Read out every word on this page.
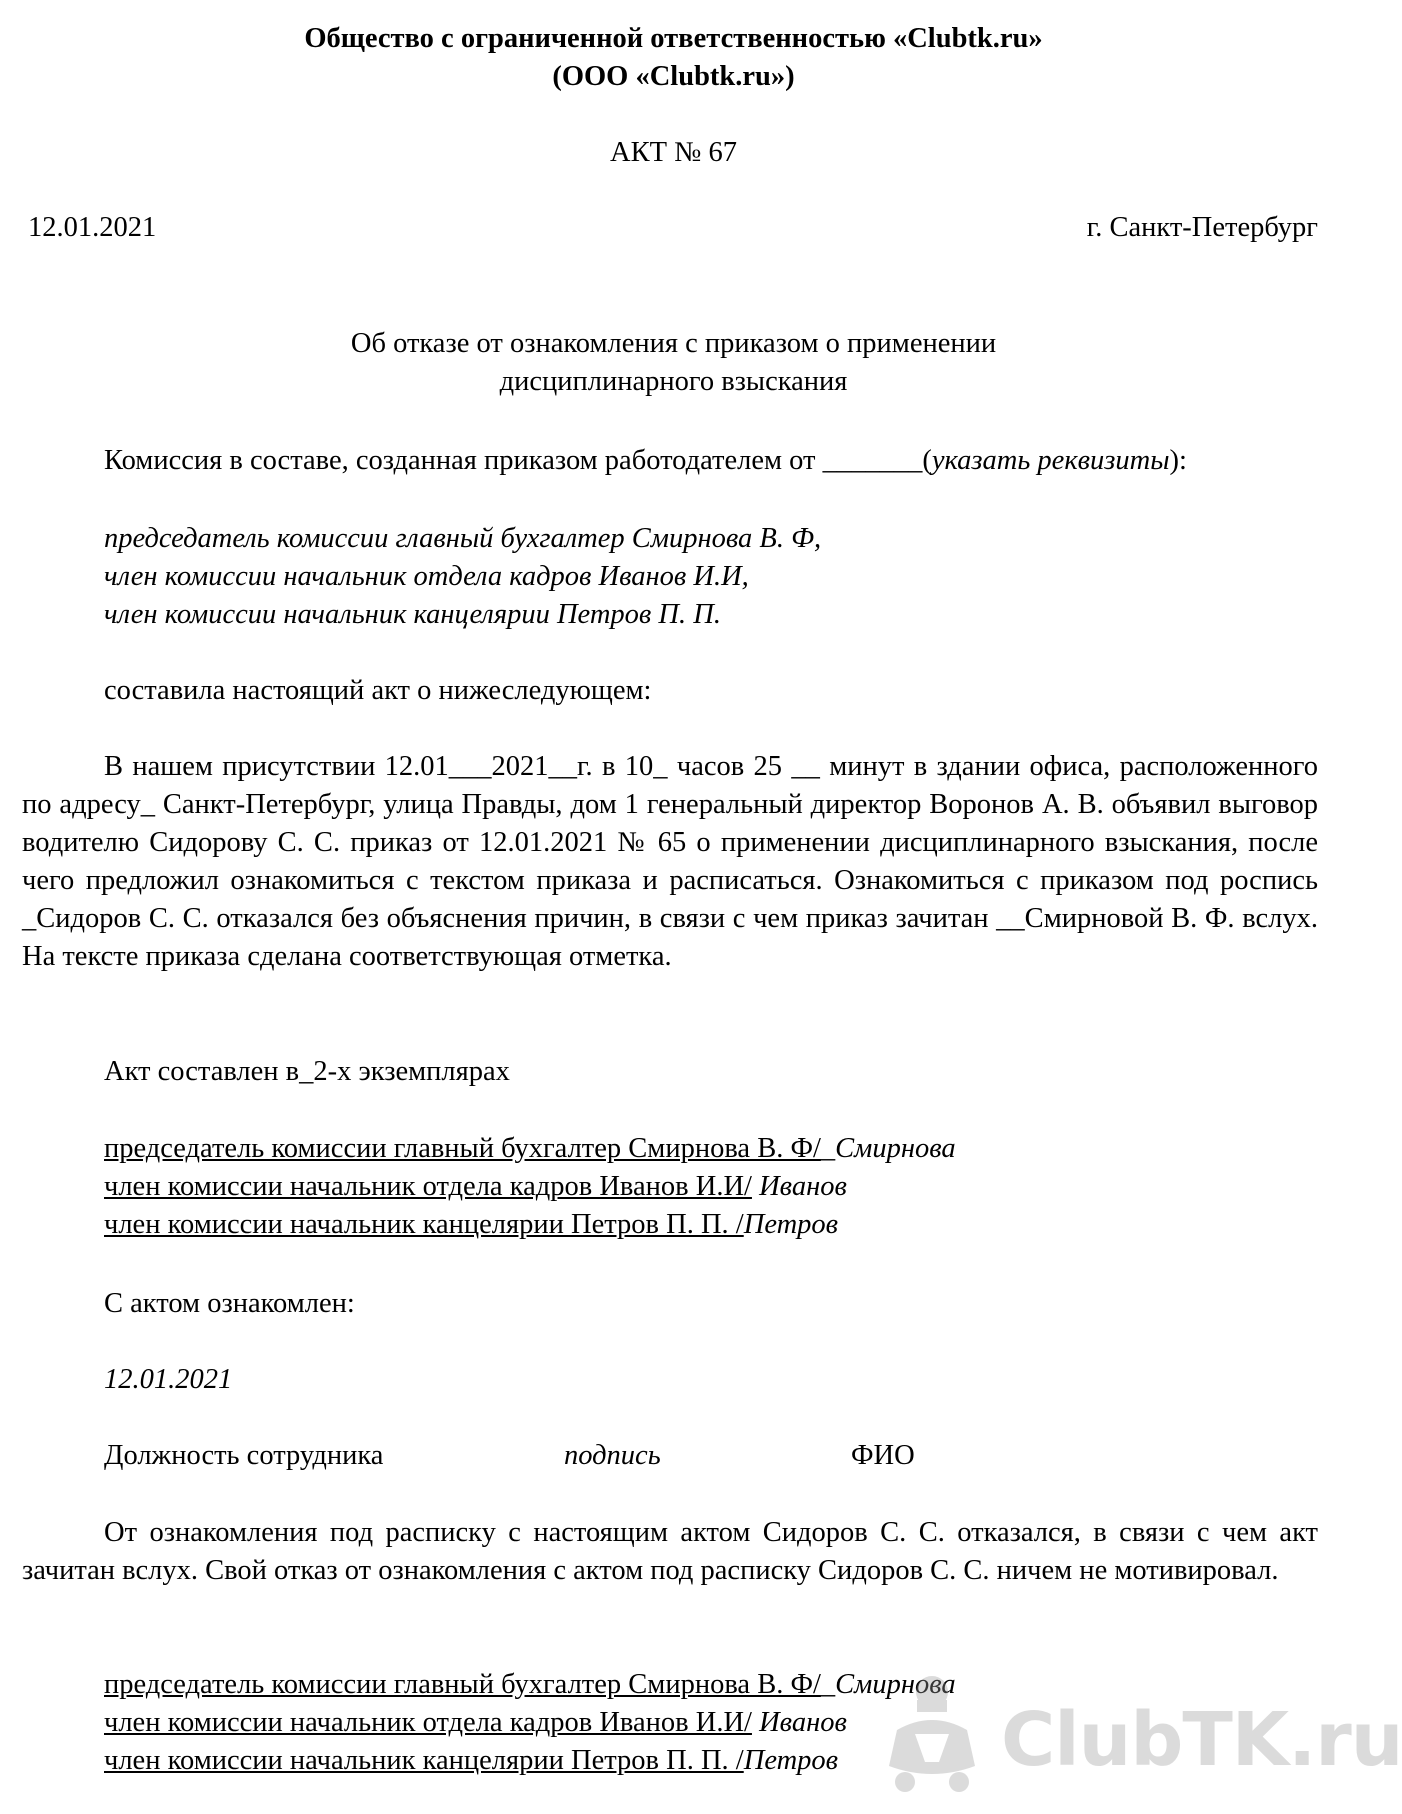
Общество с ограниченной ответственностью «Clubtk.ru»
(ООО «Clubtk.ru»)
АКТ № 67
12.01.2021	г. Санкт-Петербург
Об отказе от ознакомления с приказом о применении
дисциплинарного взыскания

Комиссия в составе, созданная приказом работодателем от _______(указать реквизиты):

председатель комиссии главный бухгалтер Смирнова В. Ф,
член комиссии начальник отдела кадров Иванов И.И,
член комиссии начальник канцелярии Петров П. П.
составила настоящий акт о нижеследующем:

В нашем присутствии 12.01___2021__г. в 10_ часов 25 __ минут в здании офиса, расположенного по адресу_ Санкт-Петербург, улица Правды, дом 1 генеральный директор Воронов А. В. объявил выговор водителю Сидорову С. С. приказ от 12.01.2021 № 65 о применении дисциплинарного взыскания, после чего предложил ознакомиться с текстом приказа и расписаться. Ознакомиться с приказом под роспись _Сидоров С. С. отказался без объяснения причин, в связи с чем приказ зачитан __Смирновой В. Ф. вслух. На тексте приказа сделана соответствующая отметка.

Акт составлен в_2-х экземплярах
председатель комиссии главный бухгалтер Смирнова В. Ф/_Смирнова
член комиссии начальник отдела кадров Иванов И.И/ Иванов
член комиссии начальник канцелярии Петров П. П. /Петров
С актом ознакомлен:
12.01.2021
Должность сотрудника	подпись	ФИО

От ознакомления под расписку с настоящим актом Сидоров С. С. отказался, в связи с чем акт зачитан вслух. Свой отказ от ознакомления с актом под расписку Сидоров С. С. ничем не мотивировал.

председатель комиссии главный бухгалтер Смирнова В. Ф/_Смирнова
член комиссии начальник отдела кадров Иванов И.И/ Иванов
член комиссии начальник канцелярии Петров П. П. /Петров	ClubTK.ru
